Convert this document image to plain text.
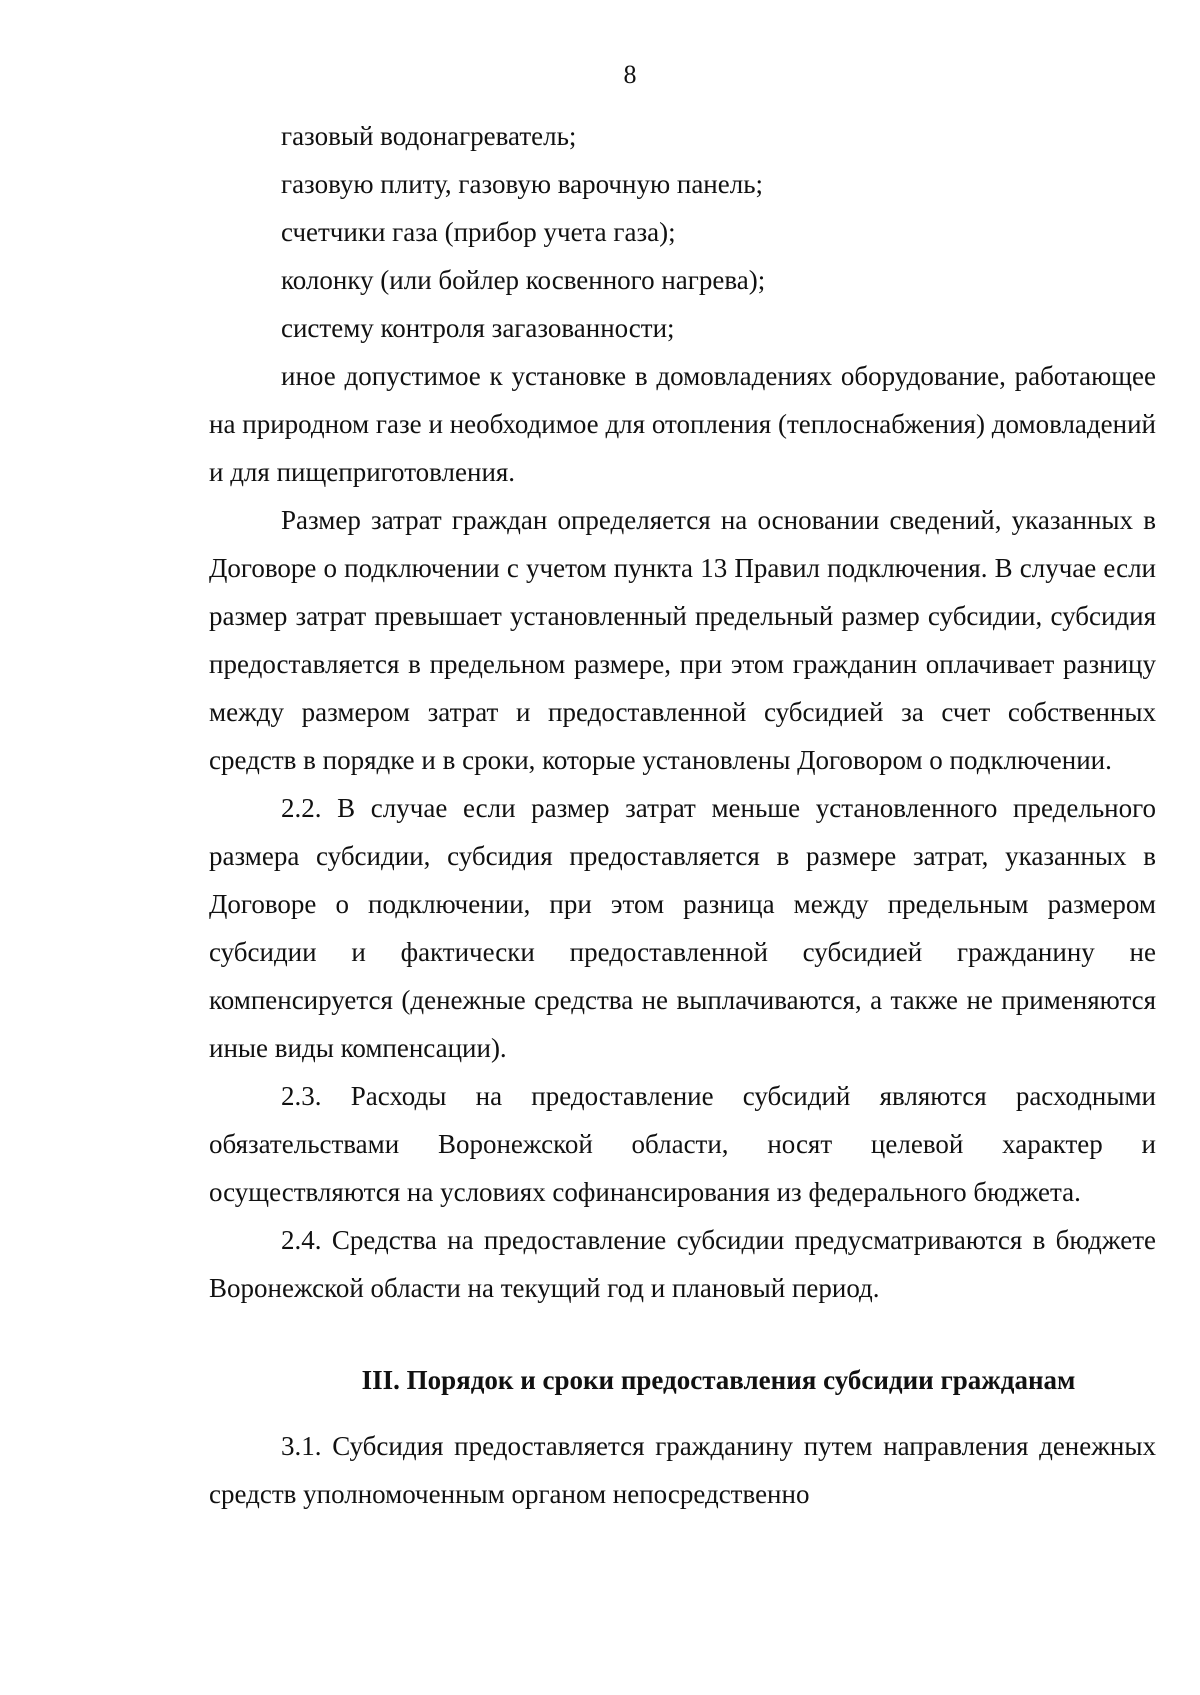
8

газовый водонагреватель;

газовую плиту, газовую варочную панель;

счетчики газа (прибор учета газа);

колонку (или бойлер косвенного нагрева);

систему контроля загазованности;

иное допустимое к установке в домовладениях оборудование, работающее на природном газе и необходимое для отопления (теплоснабжения) домовладений и для пищеприготовления.

Размер затрат граждан определяется на основании сведений, указанных в Договоре о подключении с учетом пункта 13 Правил подключения. В случае если размер затрат превышает установленный предельный размер субсидии, субсидия предоставляется в предельном размере, при этом гражданин оплачивает разницу между размером затрат и предоставленной субсидией за счет собственных средств в порядке и в сроки, которые установлены Договором о подключении.

2.2. В случае если размер затрат меньше установленного предельного размера субсидии, субсидия предоставляется в размере затрат, указанных в Договоре о подключении, при этом разница между предельным размером субсидии и фактически предоставленной субсидией гражданину не компенсируется (денежные средства не выплачиваются, а также не применяются иные виды компенсации).

2.3. Расходы на предоставление субсидий являются расходными обязательствами Воронежской области, носят целевой характер и осуществляются на условиях софинансирования из федерального бюджета.

2.4. Средства на предоставление субсидии предусматриваются в бюджете Воронежской области на текущий год и плановый период.

III. Порядок и сроки предоставления субсидии гражданам

3.1. Субсидия предоставляется гражданину путем направления денежных средств уполномоченным органом непосредственно
